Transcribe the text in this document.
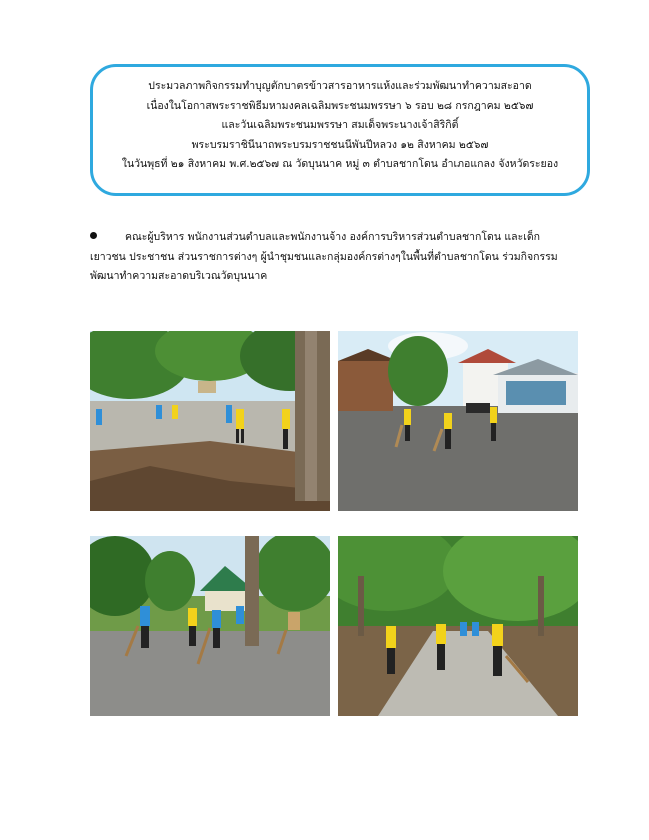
ประมวลภาพกิจกรรมทำบุญตักบาตรข้าวสารอาหารแห้งและร่วมพัฒนาทำความสะอาด
เนื่องในโอกาสพระราชพิธีมหามงคลเฉลิมพระชนมพรรษา ๖ รอบ ๒๘ กรกฎาคม ๒๕๖๗
และวันเฉลิมพระชนมพรรษา สมเด็จพระนางเจ้าสิริกิติ์
พระบรมราชินีนาถพระบรมราชชนนีพันปีหลวง ๑๒ สิงหาคม ๒๕๖๗
ในวันพุธที่ ๒๑ สิงหาคม พ.ศ.๒๕๖๗ ณ วัดบุนนาค หมู่ ๓ ตำบลชากโดน อำเภอแกลง จังหวัดระยอง
คณะผู้บริหาร พนักงานส่วนตำบลและพนักงานจ้าง องค์การบริหารส่วนตำบลชากโดน และเด็ก
เยาวชน ประชาชน ส่วนราชการต่างๆ ผู้นำชุมชนและกลุ่มองค์กรต่างๆในพื้นที่ตำบลชากโดน ร่วมกิจกรรม
พัฒนาทำความสะอาดบริเวณวัดบุนนาค
